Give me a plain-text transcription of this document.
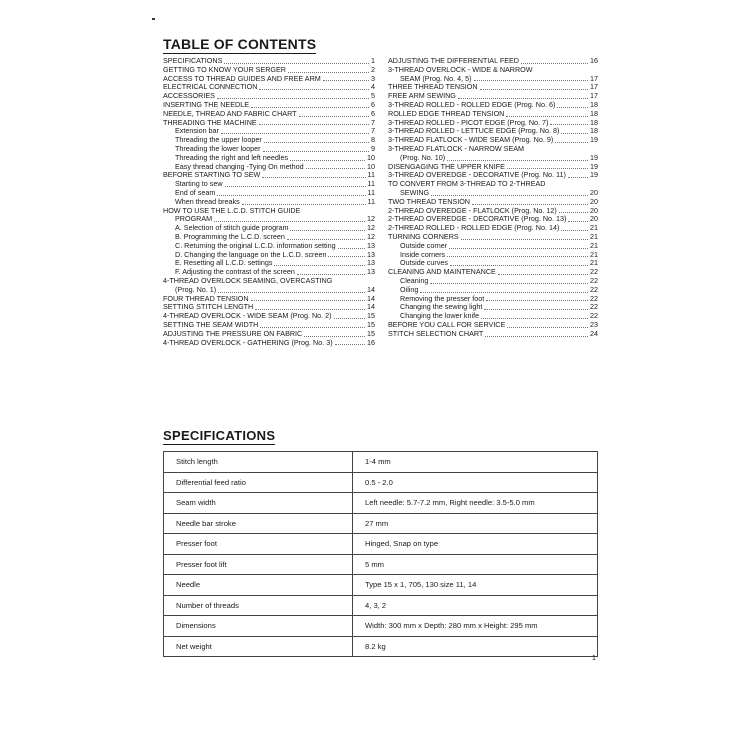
TABLE OF CONTENTS
SPECIFICATIONS	1
GETTING TO KNOW YOUR SERGER	2
ACCESS TO THREAD GUIDES AND FREE ARM	3
ELECTRICAL CONNECTION	4
ACCESSORIES	5
INSERTING THE NEEDLE	6
NEEDLE, THREAD AND FABRIC CHART	6
THREADING THE MACHINE	7
Extension bar	7
Threading the upper looper	8
Threading the lower looper	9
Threading the right and left needles	10
Easy thread changing -Tying On method	10
BEFORE STARTING TO SEW	11
Starting to sew	11
End of seam	11
When thread breaks	11
HOW TO USE THE L.C.D. STITCH GUIDE
PROGRAM	12
A. Selection of stitch guide program	12
B. Programming the L.C.D. screen	12
C. Returning the original L.C.D. information setting	13
D. Changing the language on the L.C.D. screen	13
E. Resetting all L.C.D. settings	13
F. Adjusting the contrast of the screen	13
4-THREAD OVERLOCK SEAMING, OVERCASTING
(Prog. No. 1)	14
FOUR THREAD TENSION	14
SETTING STITCH LENGTH	14
4-THREAD OVERLOCK - WIDE SEAM (Prog. No. 2)	15
SETTING THE SEAM WIDTH	15
ADJUSTING THE PRESSURE ON FABRIC	15
4-THREAD OVERLOCK - GATHERING (Prog. No. 3)	16
ADJUSTING THE DIFFERENTIAL FEED	16
3-THREAD OVERLOCK - WIDE & NARROW
SEAM (Prog. No. 4, 5)	17
THREE THREAD TENSION	17
FREE ARM SEWING	17
3-THREAD ROLLED - ROLLED EDGE (Prog. No. 6)	18
ROLLED EDGE THREAD TENSION	18
3-THREAD ROLLED - PICOT EDGE (Prog. No. 7)	18
3-THREAD ROLLED - LETTUCE EDGE (Prog. No. 8)	18
3-THREAD FLATLOCK - WIDE SEAM (Prog. No. 9)	19
3-THREAD FLATLOCK - NARROW SEAM
(Prog. No. 10)	19
DISENGAGING THE UPPER KNIFE	19
3-THREAD OVEREDGE - DECORATIVE (Prog. No. 11)	19
TO CONVERT FROM 3-THREAD TO 2-THREAD
SEWING	20
TWO THREAD TENSION	20
2-THREAD OVEREDGE - FLATLOCK (Prog. No. 12)	20
2-THREAD OVEREDGE - DECORATIVE (Prog. No. 13)	20
2-THREAD ROLLED - ROLLED EDGE (Prog. No. 14)	21
TURNING CORNERS	21
Outside corner	21
Inside corners	21
Outside curves	21
CLEANING AND MAINTENANCE	22
Cleaning	22
Oiling	22
Removing the presser foot	22
Changing the sewing light	22
Changing the lower knife	22
BEFORE YOU CALL FOR SERVICE	23
STITCH SELECTION CHART	24
SPECIFICATIONS
Stitch length	1-4 mm
Differential feed ratio	0.5 - 2.0
Seam width	Left needle: 5.7-7.2 mm, Right needle: 3.5-5.0 mm
Needle bar stroke	27 mm
Presser foot	Hinged, Snap on type
Presser foot lift	5 mm
Needle	Type 15 x 1, 705, 130 size 11, 14
Number of threads	4, 3, 2
Dimensions	Width: 300 mm x Depth: 280 mm x Height: 295 mm
Net weight	8.2 kg
1
